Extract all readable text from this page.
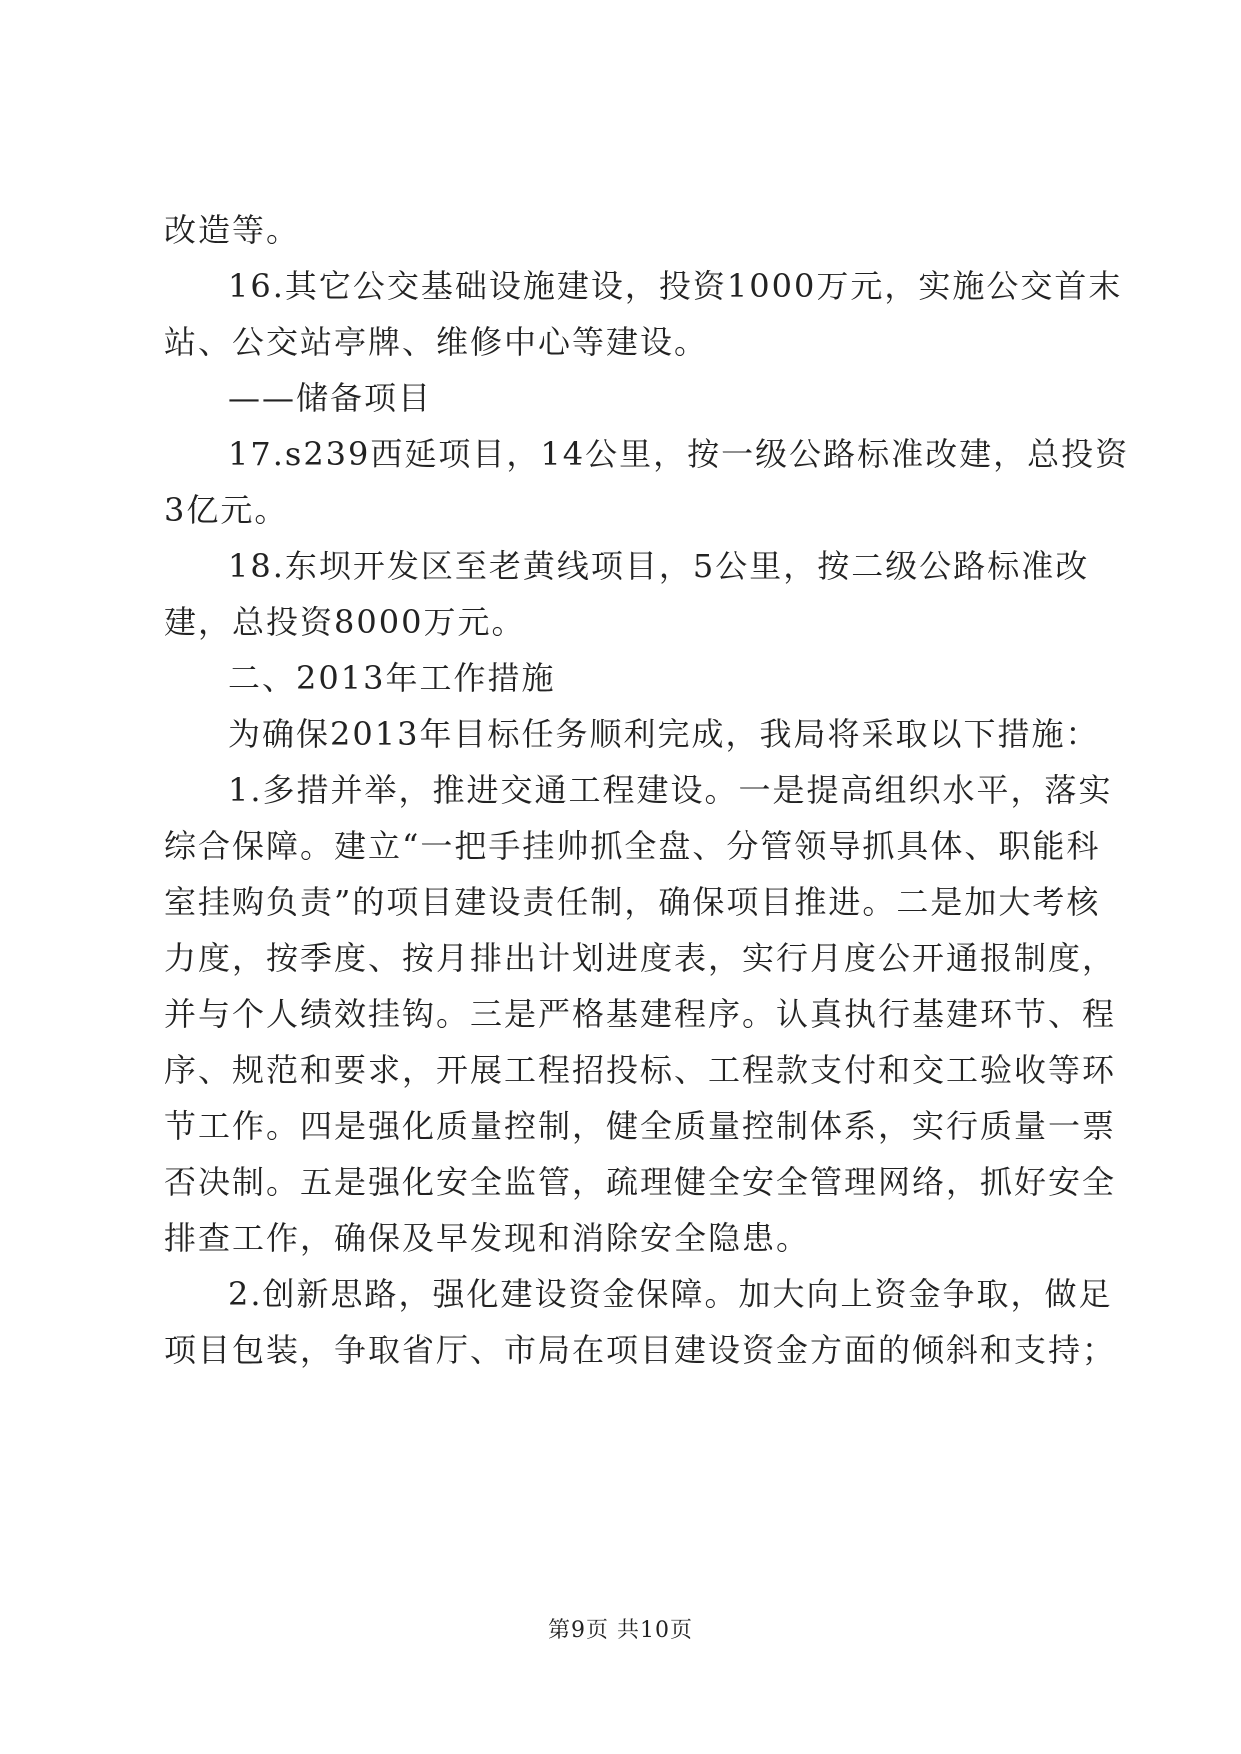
改造等。
16.其它公交基础设施建设，投资1000万元，实施公交首末
站、公交站亭牌、维修中心等建设。
——储备项目
17.s239西延项目，14公里，按一级公路标准改建，总投资
3亿元。
18.东坝开发区至老黄线项目，5公里，按二级公路标准改
建，总投资8000万元。
二、2013年工作措施
为确保2013年目标任务顺利完成，我局将采取以下措施：
1.多措并举，推进交通工程建设。一是提高组织水平，落实
综合保障。建立“一把手挂帅抓全盘、分管领导抓具体、职能科
室挂购负责”的项目建设责任制，确保项目推进。二是加大考核
力度，按季度、按月排出计划进度表，实行月度公开通报制度，
并与个人绩效挂钩。三是严格基建程序。认真执行基建环节、程
序、规范和要求，开展工程招投标、工程款支付和交工验收等环
节工作。四是强化质量控制，健全质量控制体系，实行质量一票
否决制。五是强化安全监管，疏理健全安全管理网络，抓好安全
排查工作，确保及早发现和消除安全隐患。
2.创新思路，强化建设资金保障。加大向上资金争取，做足
项目包装，争取省厅、市局在项目建设资金方面的倾斜和支持；
第9页 共10页
